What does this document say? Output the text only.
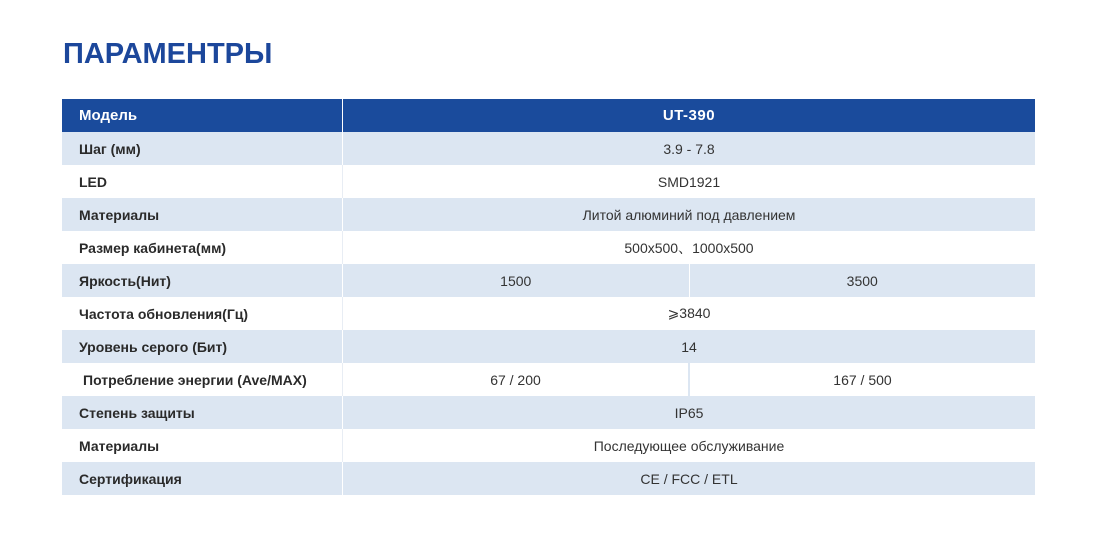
ПАРАМЕНТРЫ
Модель	UT-390
Шаг (мм)	3.9 - 7.8
LED	SMD1921
Материалы	Литой алюминий под давлением
Размер кабинета(мм)	500x500、1000x500
Яркость(Нит)	1500	3500
Частота обновления(Гц)	⩾3840
Уровень серого (Бит)	14
Потребление энергии (Ave/MAX)	67 / 200	167 / 500
Степень защиты	IP65
Материалы	Последующее обслуживание
Сертификация	CE / FCC / ETL
